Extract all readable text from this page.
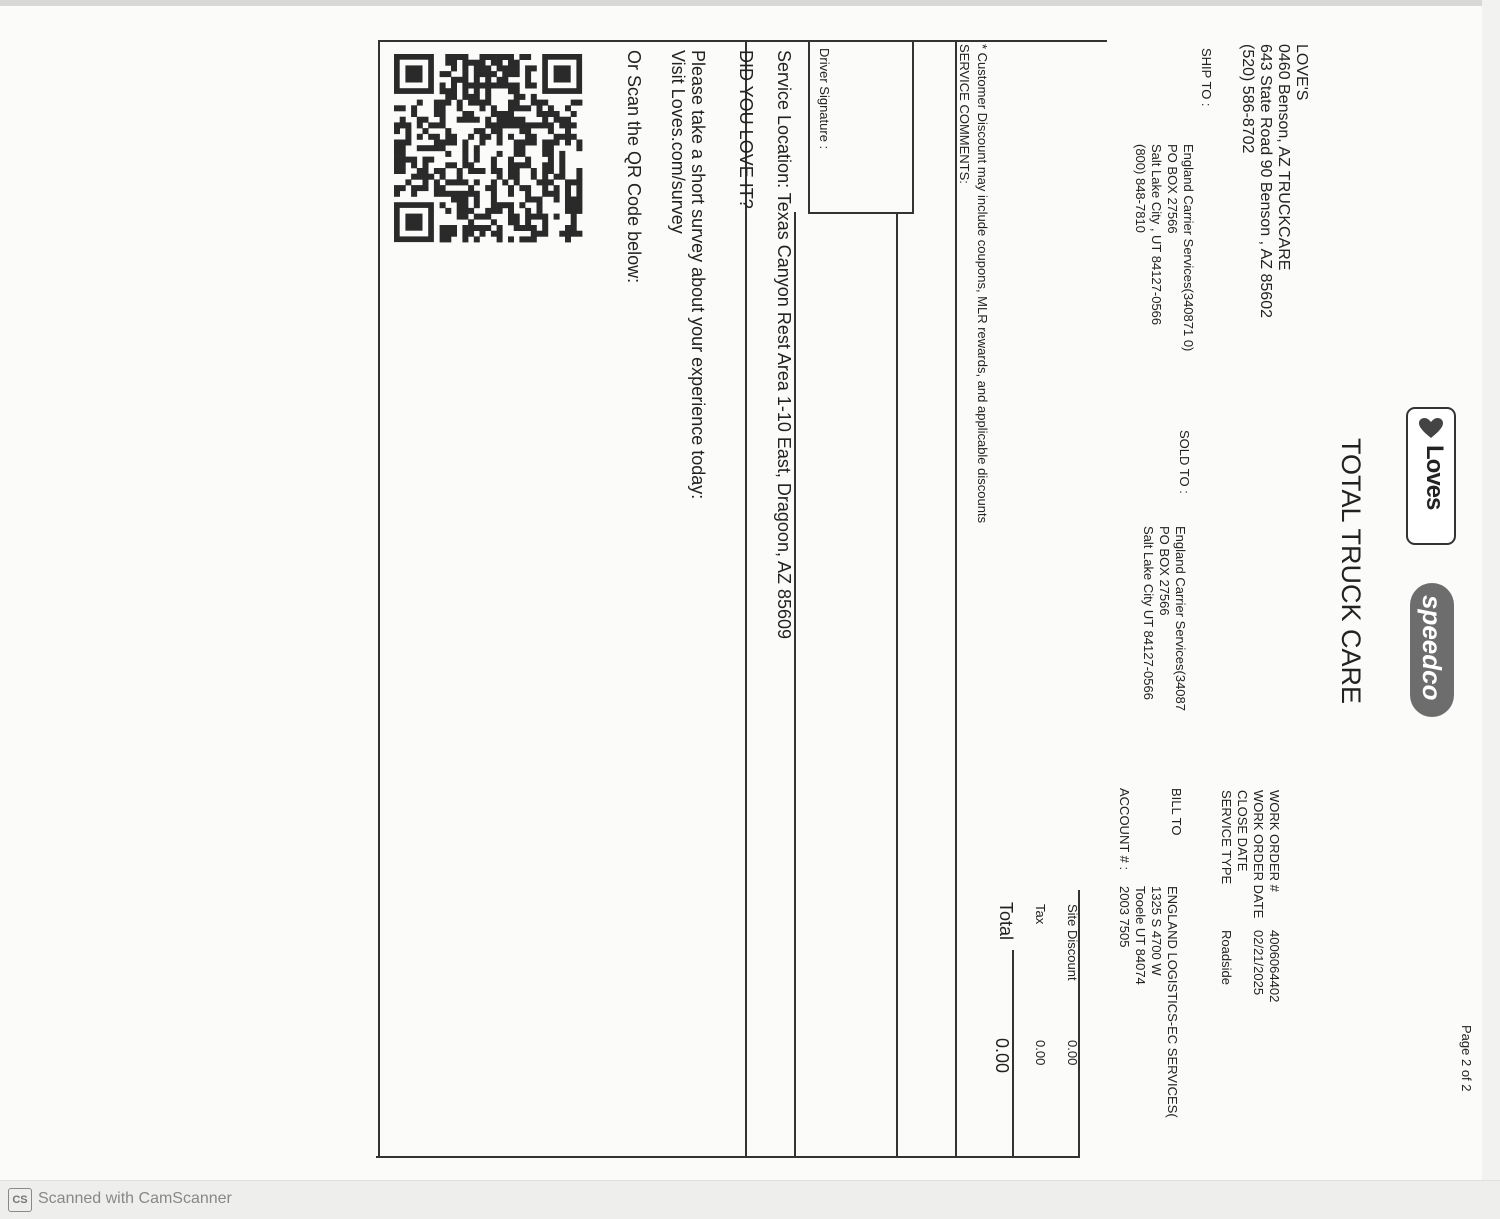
Page 2 of 2
Loves
speedco
TOTAL TRUCK CARE
LOVE'S
0460 Benson, AZ TRUCKCARE
643 State Road 90 Benson , AZ 85602
(520) 586-8702
WORK ORDER #
WORK ORDER DATE
CLOSE DATE
SERVICE TYPE
4006064402
02/21/2025
Roadside
SHIP TO :
England Carrier Services(340871 0)
PO BOX 27566
Salt Lake City , UT 84127-0566
(800) 848-7810
SOLD TO :
England Carrier Services(34087
PO BOX 27566
Salt Lake City UT 84127-0566
BILL TO
ENGLAND LOGISTICS-EC SERVICES(
1325 S 4700 W
Tooele UT 84074
ACCOUNT # :
2003 7505
Site Discount
0.00
Tax
0.00
Total
0.00
* Customer Discount may include coupons, MLR rewards, and applicable discounts
SERVICE COMMENTS:
Driver Signature :
Service Location: Texas Canyon Rest Area 1-10 East, Dragoon, AZ 85609
DID YOU LOVE IT?
Please take a short survey about your experience today:
Visit Loves.com/survey
Or Scan the QR Code below:
CS Scanned with CamScanner
